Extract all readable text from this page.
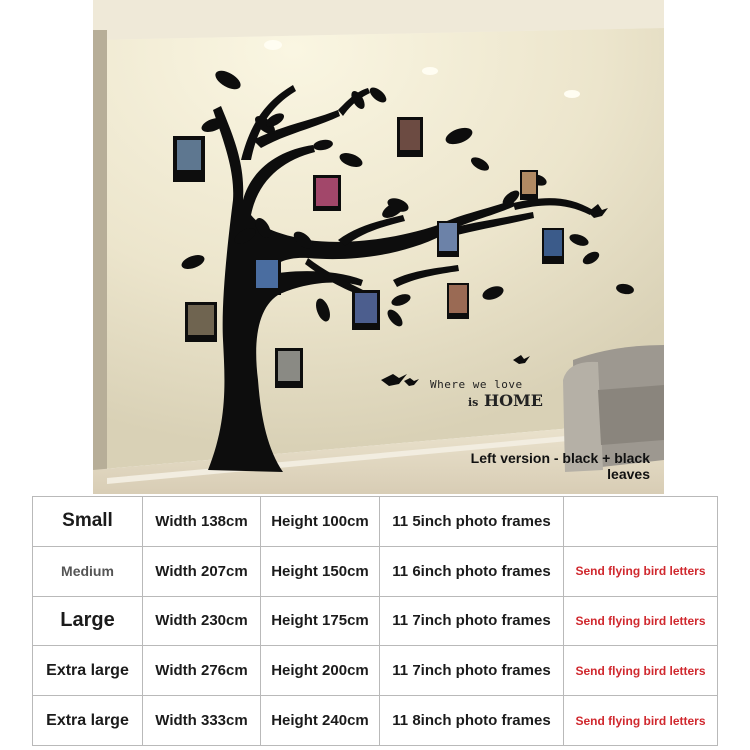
Where we love
is HOME
Left version - black + black leaves
Small	Width 138cm	Height 100cm	11 5inch photo frames	
Medium	Width 207cm	Height 150cm	11 6inch photo frames	Send flying bird letters
Large	Width 230cm	Height 175cm	11 7inch photo frames	Send flying bird letters
Extra large	Width 276cm	Height 200cm	11 7inch photo frames	Send flying bird letters
Extra large	Width 333cm	Height 240cm	11 8inch photo frames	Send flying bird letters
